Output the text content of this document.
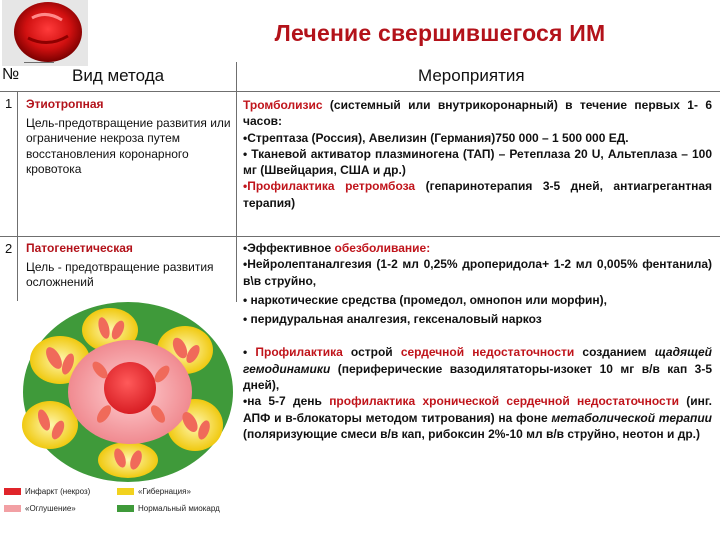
Лечение свершившегося ИМ
№	Вид метода	Мероприятия
1 Этиотропная
Цель-предотвращение развития или ограничение некроза путем восстановления коронарного кровотока

Тромболизис (системный или внутрикоронарный) в течение первых 1- 6 часов:

•Стрептаза (Россия), Авелизин (Германия)750 000 – 1 500 000 ЕД.

• Тканевой активатор плазминогена (ТАП) – Ретеплаза 20 U, Альтеплаза – 100 мг (Швейцария, США и др.)

•Профилактика ретромбоза (гепаринотерапия 3-5 дней, антиагрегантная терапия)

2 Патогенетическая
Цель - предотвращение развития осложнений

•Эффективное обезболивание:

•Нейролептаналгезия (1-2 мл 0,25% дроперидола+ 1-2 мл 0,005% фентанила) в\в струйно,

• наркотические средства (промедол, омнопон или морфин),

• перидуральная аналгезия, гексеналовый наркоз

• Профилактика острой сердечной недостаточности созданием щадящей гемодинамики (периферические вазодилятаторы-изокет 10 мг в/в кап 3-5 дней),

•на 5-7 день профилактика хронической сердечной недостаточности (инг. АПФ и в-блокаторы методом титрования) на фоне метаболической терапии (поляризующие смеси в/в кап, рибоксин 2%-10 мл в/в струйно, неотон и др.)

Инфаркт (некроз)	«Гибернация»
«Оглушение»	Нормальный миокард
